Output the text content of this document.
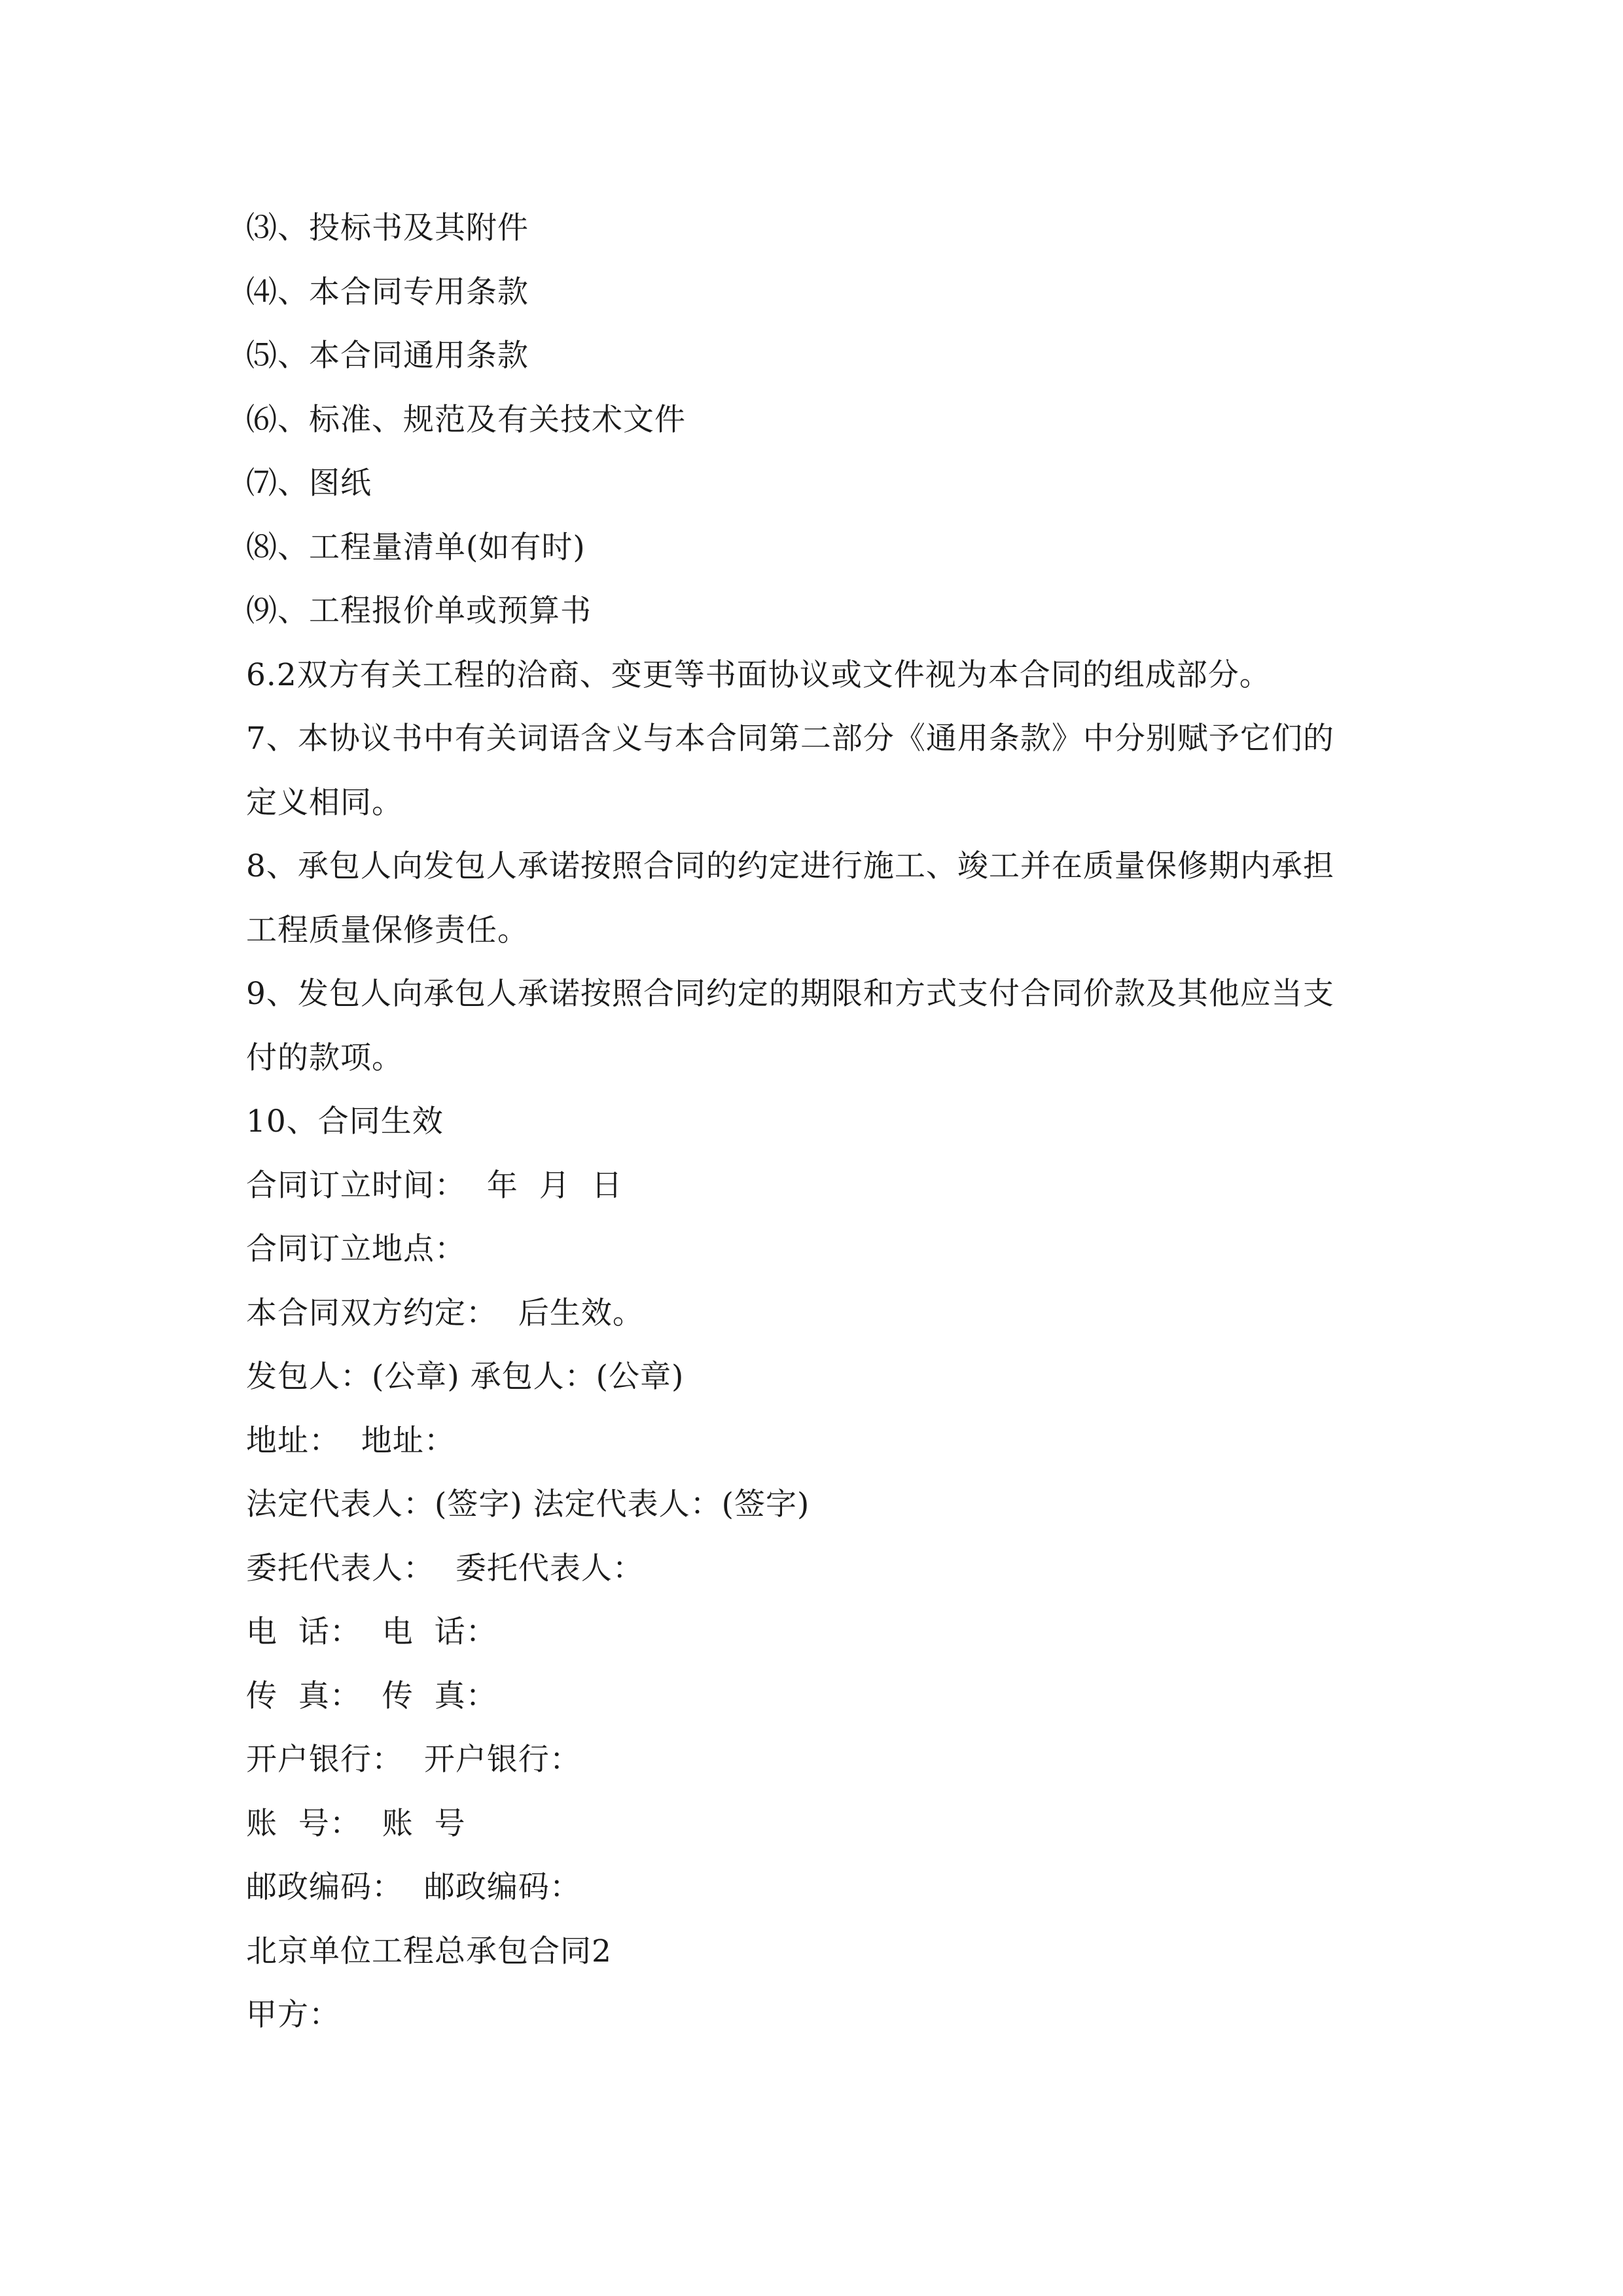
⑶、投标书及其附件
⑷、本合同专用条款
⑸、本合同通用条款
⑹、标准、规范及有关技术文件
⑺、图纸
⑻、工程量清单(如有时)
⑼、工程报价单或预算书
6.2双方有关工程的洽商、变更等书面协议或文件视为本合同的组成部分。
7、本协议书中有关词语含义与本合同第二部分《通用条款》中分别赋予它们的
定义相同。
8、承包人向发包人承诺按照合同的约定进行施工、竣工并在质量保修期内承担
工程质量保修责任。
9、发包人向承包人承诺按照合同约定的期限和方式支付合同价款及其他应当支
付的款项。
10、合同生效
合同订立时间：  年  月  日
合同订立地点：
本合同双方约定：  后生效。
发包人：(公章) 承包人：(公章)
地址：  地址：
法定代表人：(签字) 法定代表人：(签字)
委托代表人：  委托代表人：
电  话：  电  话：
传  真：  传  真：
开户银行：  开户银行：
账  号：  账  号
邮政编码：  邮政编码：
北京单位工程总承包合同2
甲方：
